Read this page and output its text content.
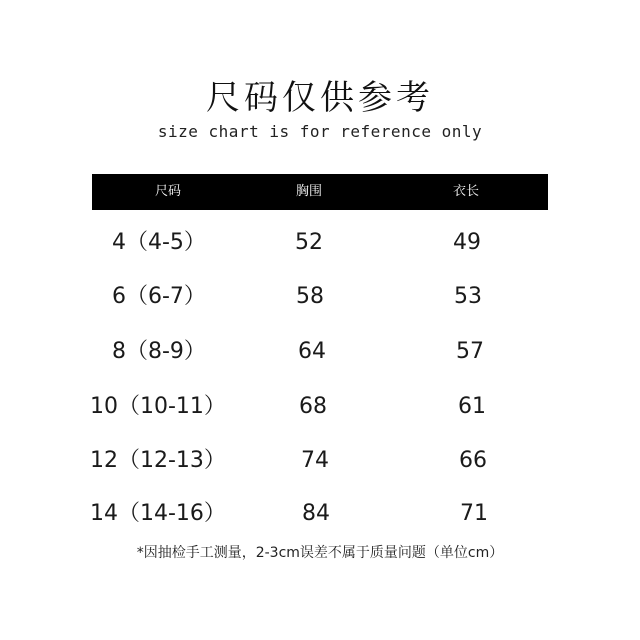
尺码仅供参考
size chart is for reference only
尺码	胸围	衣长
4（4-5）	52	49
6（6-7）	58	53
8（8-9）	64	57
10（10-11）	68	61
12（12-13）	74	66
14（14-16）	84	71
*因抽检手工测量，2-3cm误差不属于质量问题（单位cm）
